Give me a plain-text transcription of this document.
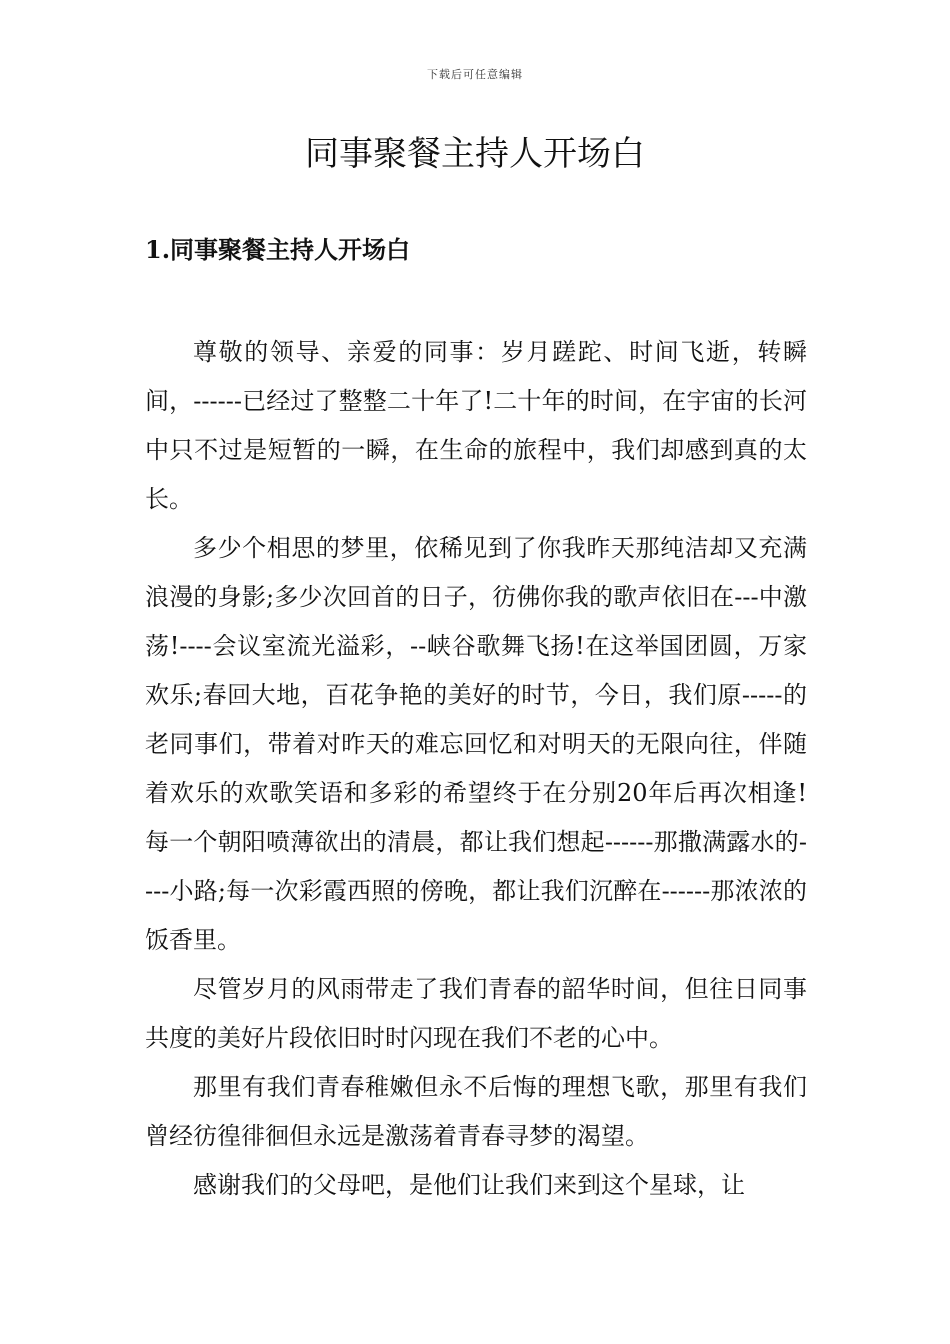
下载后可任意编辑
同事聚餐主持人开场白
1.同事聚餐主持人开场白

尊敬的领导、亲爱的同事：岁月蹉跎、时间飞逝，转瞬间，------已经过了整整二十年了!二十年的时间，在宇宙的长河中只不过是短暂的一瞬，在生命的旅程中，我们却感到真的太长。

多少个相思的梦里，依稀见到了你我昨天那纯洁却又充满浪漫的身影;多少次回首的日子，彷佛你我的歌声依旧在---中激荡!----会议室流光溢彩，--峡谷歌舞飞扬!在这举国团圆，万家欢乐;春回大地，百花争艳的美好的时节，今日，我们原-----的老同事们，带着对昨天的难忘回忆和对明天的无限向往，伴随着欢乐的欢歌笑语和多彩的希望终于在分别20年后再次相逢!每一个朝阳喷薄欲出的清晨，都让我们想起------那撒满露水的----小路;每一次彩霞西照的傍晚，都让我们沉醉在------那浓浓的饭香里。

尽管岁月的风雨带走了我们青春的韶华时间，但往日同事共度的美好片段依旧时时闪现在我们不老的心中。

那里有我们青春稚嫩但永不后悔的理想飞歌，那里有我们曾经彷徨徘徊但永远是激荡着青春寻梦的渴望。

感谢我们的父母吧，是他们让我们来到这个星球，让
